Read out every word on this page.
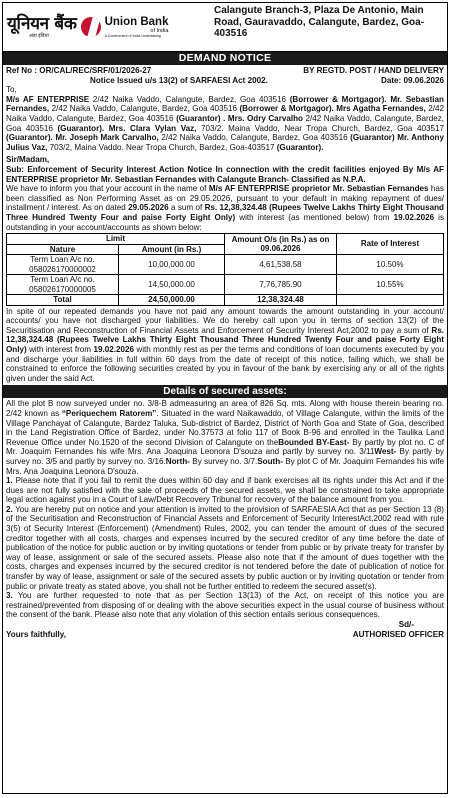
यूनियन बैंक
अंडा इंडिया
Union Bank
of India
A Government of India Undertaking
Calangute Branch-3, Plaza De Antonio, Main Road, Gauravaddo, Calangute, Bardez, Goa-403516
DEMAND NOTICE
Ref No : OR/CAL/REC/SRF/01/2026-27	BY REGTD. POST / HAND DELIVERY
Notice Issued u/s 13(2) of SARFAESI Act 2002.	Date: 09.06.2026
To,

M/s AF ENTERPRISE 2/42 Naika Vaddo, Calangute, Bardez, Goa 403516 (Borrower & Mortgagor). Mr. Sebastian Fernandes, 2/42 Naika Vaddo, Calangute, Bardez, Goa 403516 (Borrower & Mortgagor). Mrs Agatha Fernandes, 2/42 Naika Vaddo, Calangute, Bardez, Goa 403516 (Guarantor) . Mrs. Odry Carvalho 2/42 Naika Vaddo, Calangute, Bardez, Goa 403516 (Guarantor). Mrs. Clara Vylan Vaz, 703/2. Maina Vaddo, Near Tropa Church, Bardez, Goa 403517 (Guarantor). Mr. Joseph Mark Carvalho, 2/42 Naika Vaddo, Calangute, Bardez, Goa 403516 (Guarantor) Mr. Anthony Julius Vaz, 703/2, Maina Vaddo. Near Tropa Church, Bardez, Goa-403517 (Guarantor).

Sir/Madam,

Sub: Enforcement of Security Interest Action Notice In connection with the credit facilities enjoyed By M/s AF ENTERPRISE proprietor Mr. Sebastian Fernandes with Calangute Branch- Classified as N.P.A.

We have to inform you that your account in the name of M/s AF ENTERPRISE proprietor Mr. Sebastian Fernandes has been classified as Non Performing Asset as on 29.05.2026, pursuant to your default in making repayment of dues/ installment / interest. As on dated 29.05.2026 a sum of Rs. 12,38,324.48 (Rupees Twelve Lakhs Thirty Eight Thousand Three Hundred Twenty Four and paise Forty Eight Only) with interest (as mentioned below) from 19.02.2026 is outstanding in your account/accounts as shown below:

Limit		Amount O/s (in Rs.) as on 09.06.2026	Rate of Interest
Nature	Amount (in Rs.)		
Term Loan A/c no. 058026170000002	10,00,000.00	4,61,538.58	10.50%
Term Loan A/c no. 058026170000005	14,50,000.00	7,76,785.90	10.55%
Total	24,50,000.00	12,38,324.48	

In spite of our repeated demands you have not paid any amount towards the amount outstanding in your account/ accounts/ you have not discharged your liabilities. We do hereby call upon you in terms of section 13(2) of the Securitisation and Reconstruction of Financial Assets and Enforcement of Security Interest Act,2002 to pay a sum of Rs. 12,38,324.48 (Rupees Twelve Lakhs Thirty Eight Thousand Three Hundred Twenty Four and paise Forty Eight Only) with interest from 19.02.2026 with monthly rest as per the terms and conditions of loan documents executed by you and discharge your liabilities in full within 60 days from the date of receipt of this notice, failing which, we shall be constrained to enforce the following securities created by you in favour of the bank by exercising any or all of the rights given under the said Act.

Details of secured assets:

All the plot B now surveyed under no. 3/8-B admeasuring an area of 826 Sq. mts. Along with house therein bearing no. 2/42 known as “Periquechem Ratorem”. Situated in the ward Naikawaddo, of Village Calangute, within the limits of the Village Panchayat of Calangute, Bardez Taluka, Sub-district of Bardez, District of North Goa and State of Goa, described in the Land Registration Office of Bardez, under No.37573 at folio 117 of Book B-96 and enrolled in the Taulika Land Revenue Office under No.1520 of the second Division of Calangute on theBounded BY-East- By partly by plot no. C of Mr. Joaquim Fernandes his wife Mrs. Ana Joaquina Leonora D'souza and partly by survey no. 3/11West- By partly by survey no. 3/5 and partly by survey no. 3/16.North- By survey no. 3/7.South- By plot C of Mr. Joaquim Fernandes his wife Mrs. Ana Joaquina Leonora D'souza.

1. Please note that if you fail to remit the dues within 60 day and if bank exercises all its rights under this Act and if the dues are not fully satisfied with the sale of proceeds of the secured assets, we shall be constrained to take appropriate legal action against you in a Court of Law/Debt Recovery Tribunal for recovery of the balance amount from you.

2. You are hereby put on notice and your attention is invited to the provision of SARFAESIA Act that as per Section 13 (8) of the Securitisation and Reconstruction of Financial Assets and Enforcement of Security InterestAct,2002 read with rule 3(5) of Security Interest (Enforcement) (Amendment) Rules, 2002, you can tender the amount of dues of the secured creditor together with all costs, charges and expenses incurred by the secured creditor of any time before the date of publication of the notice for public auction or by inviting quotations or tender from public or by private treaty for transfer by way of lease, assignment or sale of the secured assets. Please also note that if the amount of dues together with the costs, charges and expenses incurred by the secured creditor is not tendered before the date of publication of notice for transfer by way of lease, assignment or sale of the secured assets by public auction or by inviting quotation or tender from public or private treaty as stated above, you shall not be further entitled to redeem the secured asset(s).

3. You are further requested to note that as per Section 13(13) of the Act, on receipt of this notice you are restrained/prevented from disposing of or dealing with the above securities expect in the usual course of business without the consent of the bank. Please also note that any violation of this section entails serious consequences.

Sd/-
Yours faithfully,	AUTHORISED OFFICER
